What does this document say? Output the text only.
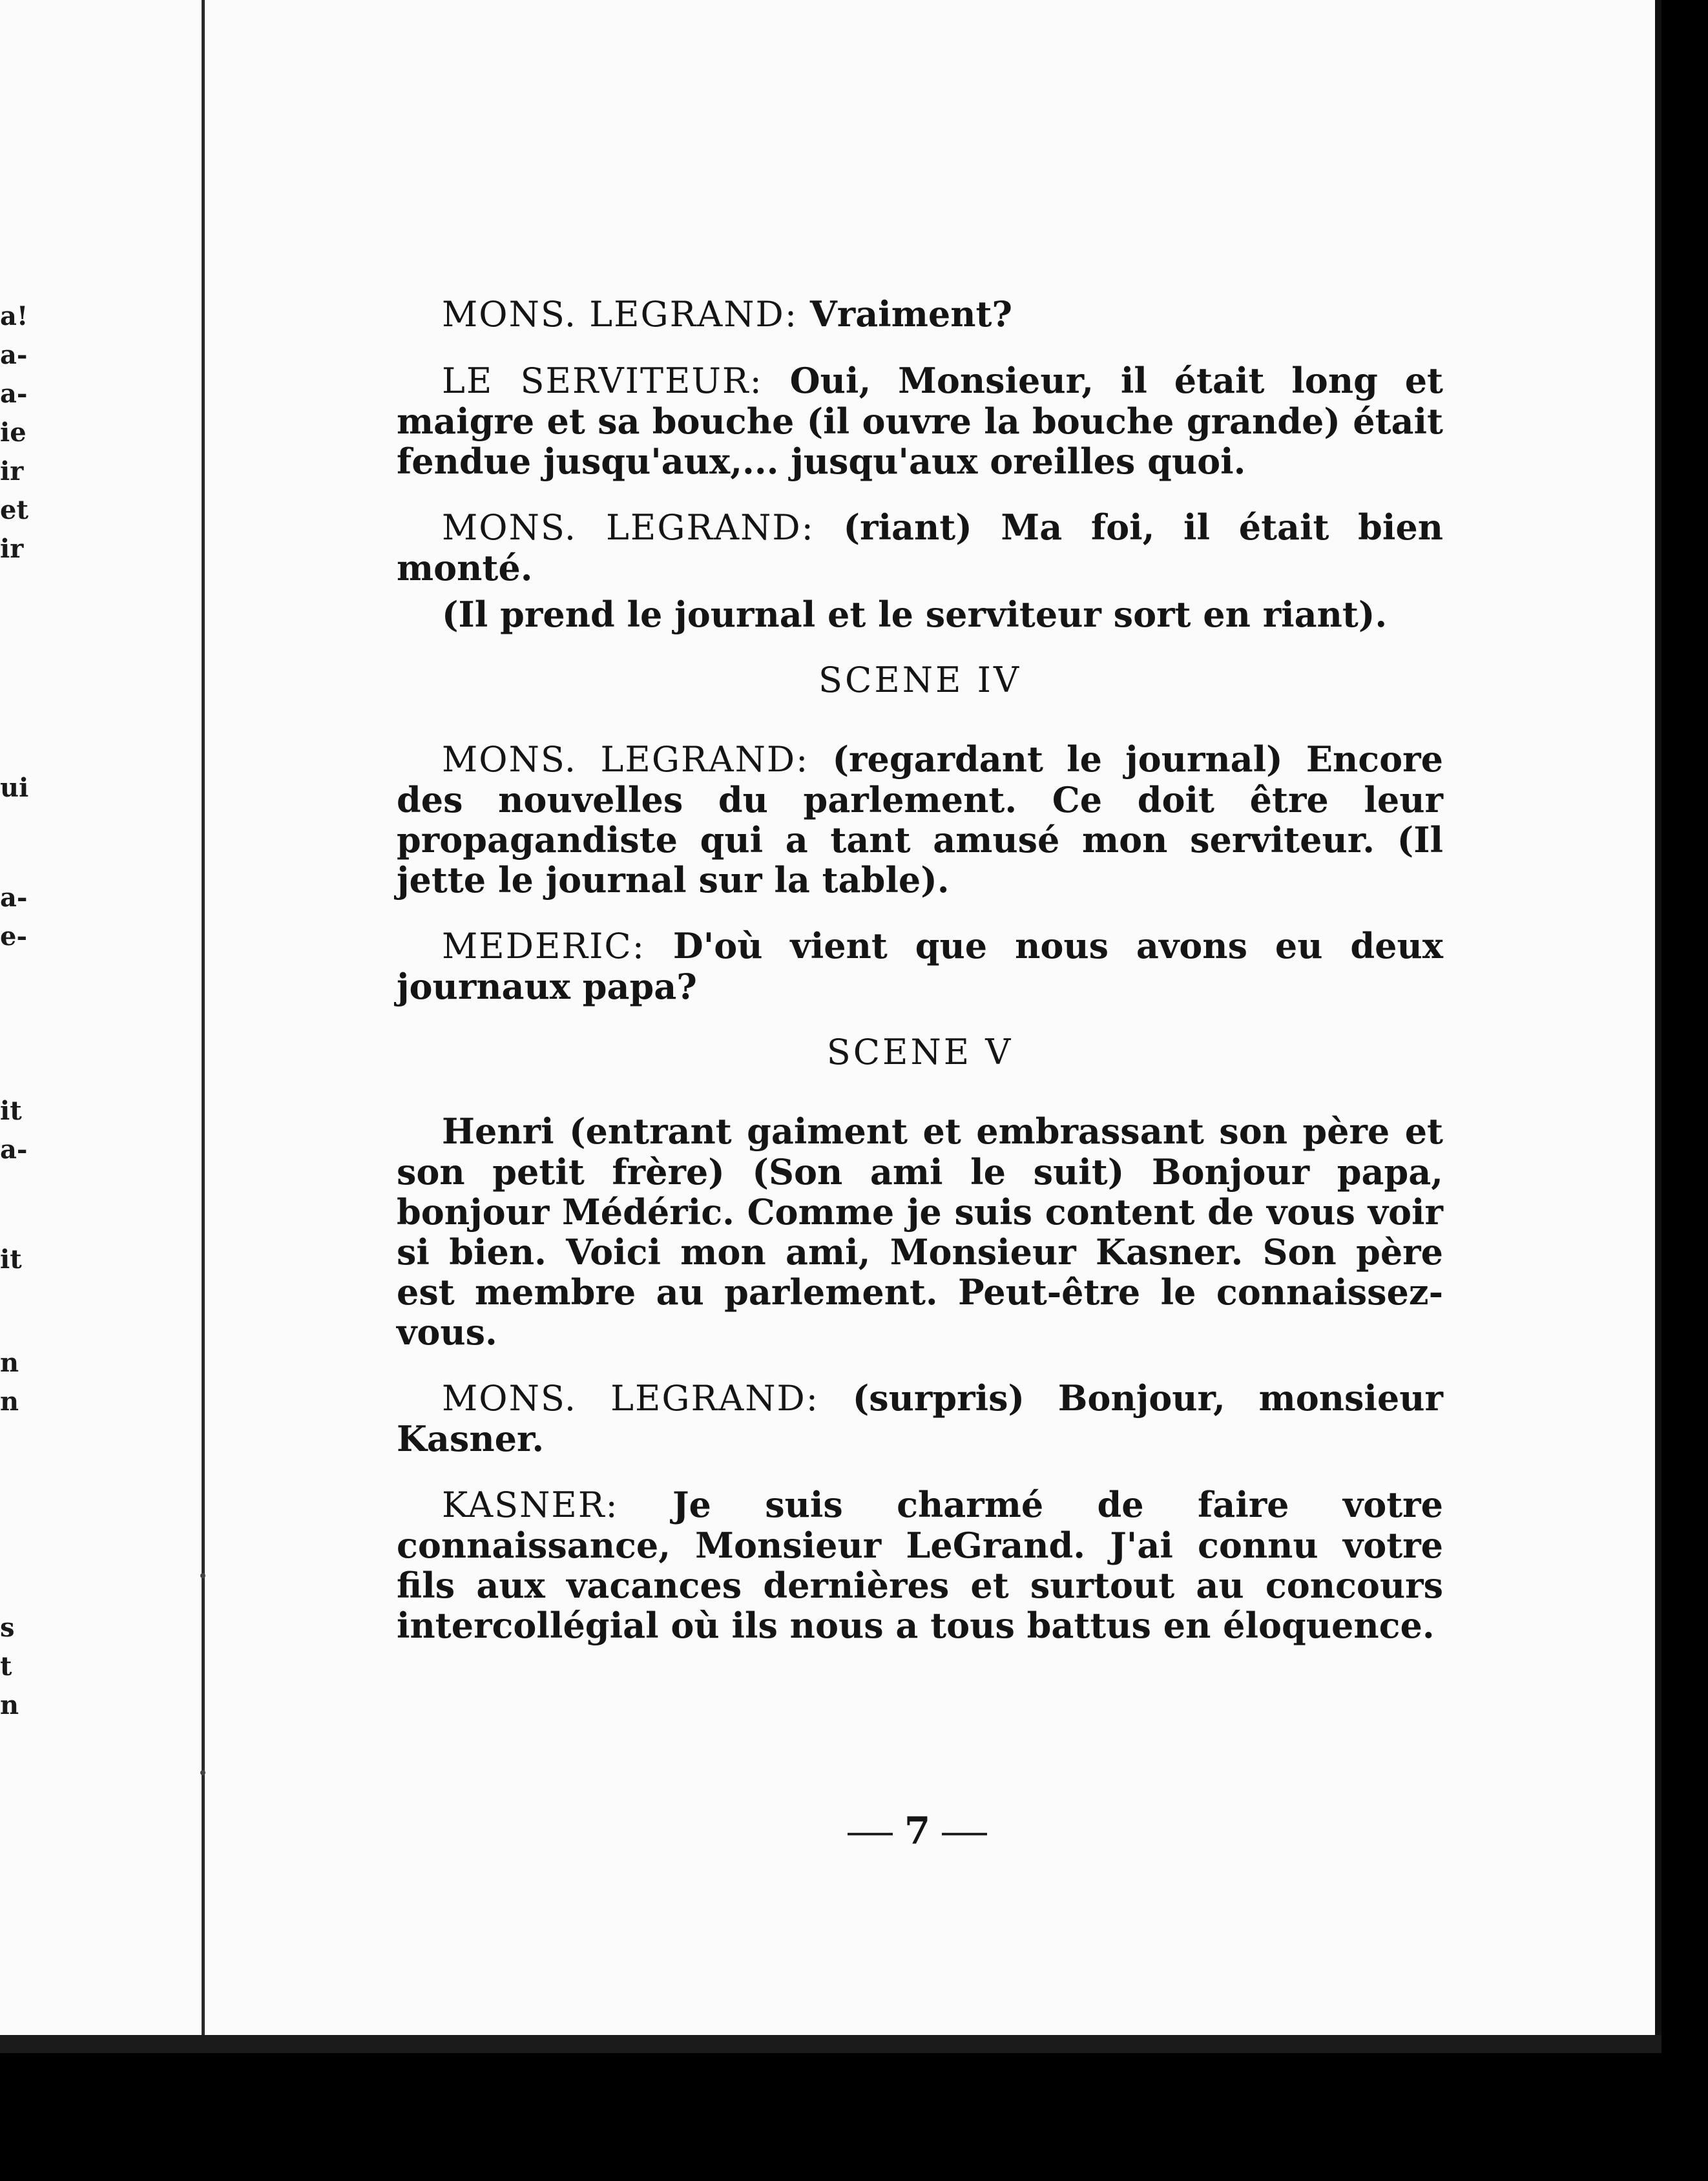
a!
a-
a-
ie
ir
et
ir
ui
a-
e-
it
a-
it
n
n
s
t
n

MONS. LEGRAND: Vraiment?

LE SERVITEUR: Oui, Monsieur, il était long et maigre et sa bouche (il ouvre la bouche grande) était fendue jusqu'aux,... jusqu'aux oreilles quoi.

MONS. LEGRAND: (riant) Ma foi, il était bien monté.

(Il prend le journal et le serviteur sort en riant).

SCENE IV

MONS. LEGRAND: (regardant le journal) Encore des nouvelles du parlement. Ce doit être leur propagandiste qui a tant amusé mon serviteur. (Il jette le journal sur la table).

MEDERIC: D'où vient que nous avons eu deux journaux papa?

SCENE V

Henri (entrant gaiment et embrassant son père et son petit frère) (Son ami le suit) Bonjour papa, bonjour Médéric. Comme je suis content de vous voir si bien. Voici mon ami, Monsieur Kasner. Son père est membre au parlement. Peut-être le connaissez-vous.

MONS. LEGRAND: (surpris) Bonjour, monsieur Kasner.

KASNER: Je suis charmé de faire votre connaissance, Monsieur LeGrand. J'ai connu votre fils aux vacances dernières et surtout au concours intercollégial où ils nous a tous battus en éloquence.

7
